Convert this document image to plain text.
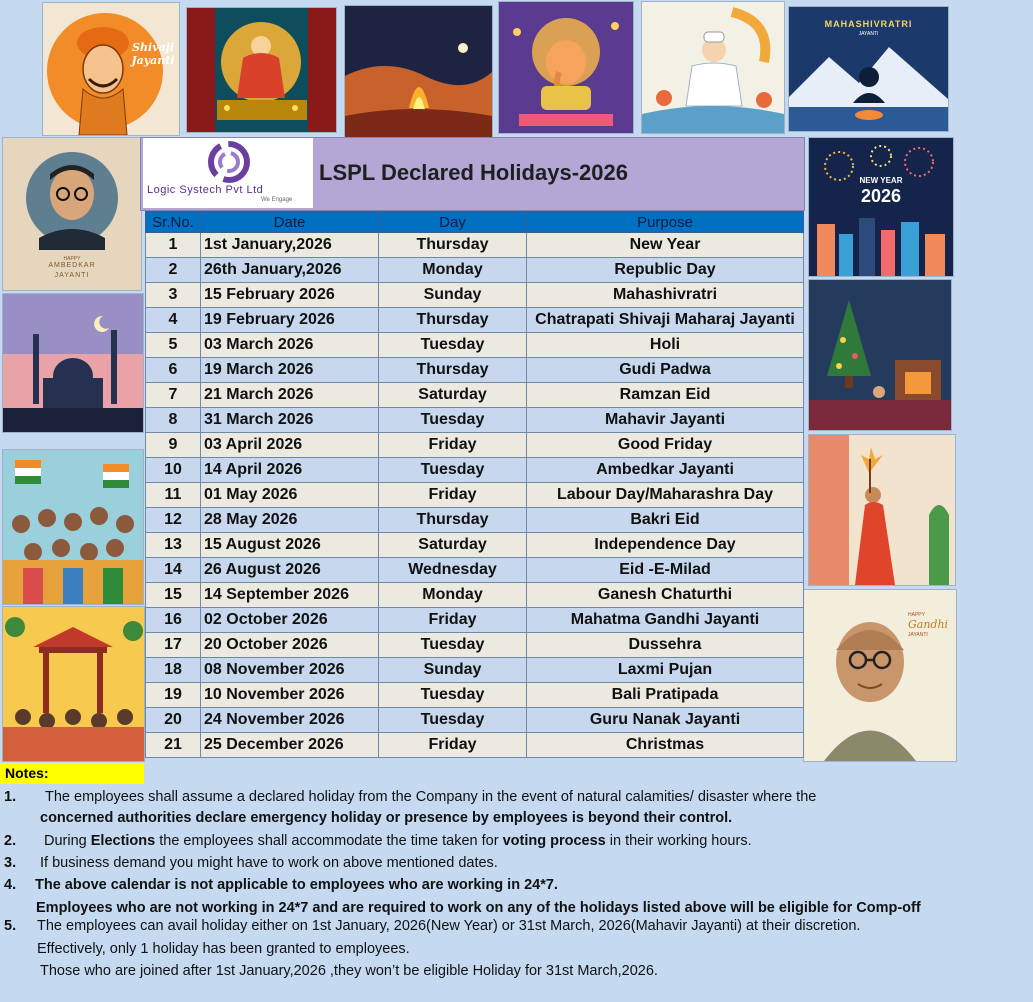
Shivaji Jayanti
MAHASHIVRATRI
JAYANTI
HAPPY
AMBEDKAR
JAYANTI
NEW YEAR
2026
HAPPY
Gandhi
JAYANTI
Logic Systech Pvt Ltd
We Engage
LSPL Declared Holidays-2026
Sr.No.	Date	Day	Purpose
1	1st January,2026	Thursday	New Year
2	26th January,2026	Monday	Republic Day
3	15 February 2026	Sunday	Mahashivratri
4	19 February 2026	Thursday	Chatrapati Shivaji Maharaj Jayanti
5	03 March 2026	Tuesday	Holi
6	19 March 2026	Thursday	Gudi Padwa
7	21 March 2026	Saturday	Ramzan Eid
8	31 March 2026	Tuesday	Mahavir Jayanti
9	03 April 2026	Friday	Good Friday
10	14 April 2026	Tuesday	Ambedkar Jayanti
11	01 May 2026	Friday	Labour Day/Maharashra Day
12	28 May 2026	Thursday	Bakri Eid
13	15 August 2026	Saturday	Independence Day
14	26 August 2026	Wednesday	Eid -E-Milad
15	14 September 2026	Monday	Ganesh Chaturthi
16	02 October 2026	Friday	Mahatma Gandhi Jayanti
17	20 October 2026	Tuesday	Dussehra
18	08 November 2026	Sunday	Laxmi Pujan
19	10 November 2026	Tuesday	Bali Pratipada
20	24 November 2026	Tuesday	Guru Nanak Jayanti
21	25 December 2026	Friday	Christmas
Notes:
1. The employees shall assume a declared holiday from the Company in the event of natural calamities/ disaster where the
concerned authorities declare emergency holiday or presence by employees is beyond their control.
2. During Elections the employees shall accommodate the time taken for voting process in their working hours.
3. If business demand you might have to work on above mentioned dates.
4. The above calendar is not applicable to employees who are working in 24*7.
Employees who are not working in 24*7 and are required to work on any of the holidays listed above will be eligible for Comp-off
5. The employees can avail holiday either on 1st January, 2026(New Year) or 31st March, 2026(Mahavir Jayanti) at their discretion.
Effectively, only 1 holiday has been granted to employees.
Those who are joined after 1st January,2026 ,they won’t be eligible Holiday for 31st March,2026.
